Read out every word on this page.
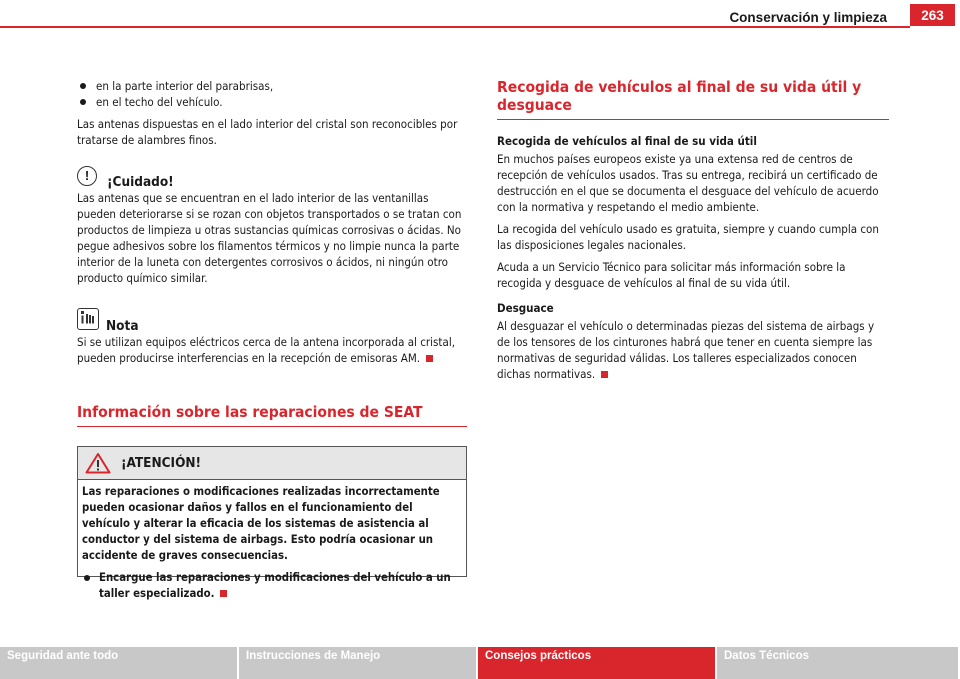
Conservación y limpieza	263

en la parte interior del parabrisas,

en el techo del vehículo.

Las antenas dispuestas en el lado interior del cristal son reconocibles por tratarse de alambres finos.

!	¡Cuidado!

Las antenas que se encuentran en el lado interior de las ventanillas pueden deteriorarse si se rozan con objetos transportados o se tratan con productos de limpieza u otras sustancias químicas corrosivas o ácidas. No pegue adhesivos sobre los filamentos térmicos y no limpie nunca la parte interior de la luneta con detergentes corrosivos o ácidos, ni ningún otro producto químico similar.

Nota

Si se utilizan equipos eléctricos cerca de la antena incorporada al cristal, pueden producirse interferencias en la recepción de emisoras AM.

Información sobre las reparaciones de SEAT
¡ATENCIÓN!
Las reparaciones o modificaciones realizadas incorrectamente pueden ocasionar daños y fallos en el funcionamiento del vehículo y alterar la eficacia de los sistemas de asistencia al conductor y del sistema de airbags. Esto podría ocasionar un accidente de graves consecuencias.
Encargue las reparaciones y modificaciones del vehículo a un taller especializado.
Recogida de vehículos al final de su vida útil y desguace

Recogida de vehículos al final de su vida útil

En muchos países europeos existe ya una extensa red de centros de recepción de vehículos usados. Tras su entrega, recibirá un certificado de destrucción en el que se documenta el desguace del vehículo de acuerdo con la normativa y respetando el medio ambiente.

La recogida del vehículo usado es gratuita, siempre y cuando cumpla con las disposiciones legales nacionales.

Acuda a un Servicio Técnico para solicitar más información sobre la recogida y desguace de vehículos al final de su vida útil.

Desguace

Al desguazar el vehículo o determinadas piezas del sistema de airbags y de los tensores de los cinturones habrá que tener en cuenta siempre las normativas de seguridad válidas. Los talleres especializados conocen dichas normativas.

Seguridad ante todo	Instrucciones de Manejo	Consejos prácticos	Datos Técnicos
